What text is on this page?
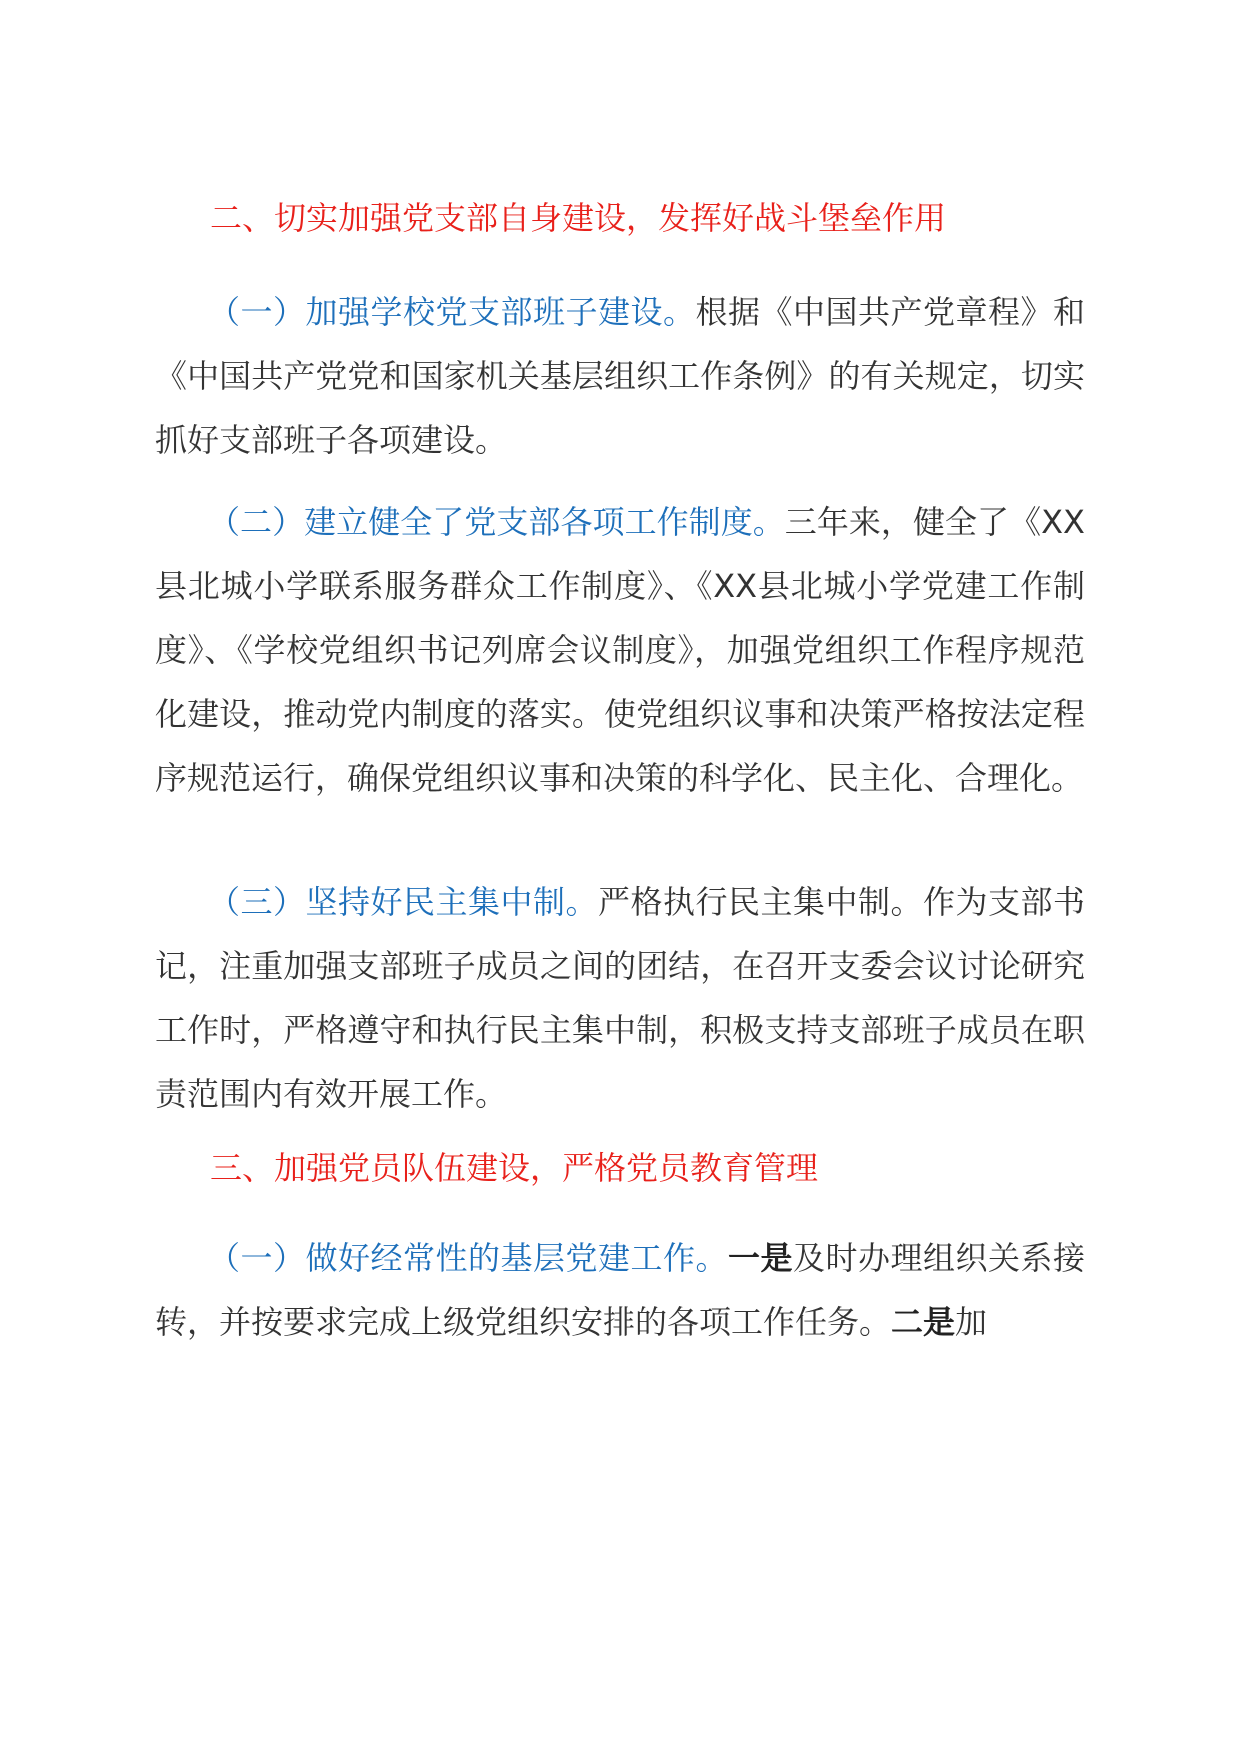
二、切实加强党支部自身建设，发挥好战斗堡垒作用

（一）加强学校党支部班子建设。根据《中国共产党章程》和《中国共产党党和国家机关基层组织工作条例》的有关规定，切实抓好支部班子各项建设。

（二）建立健全了党支部各项工作制度。三年来，健全了《XX县北城小学联系服务群众工作制度》、《XX县北城小学党建工作制度》、《学校党组织书记列席会议制度》，加强党组织工作程序规范化建设，推动党内制度的落实。使党组织议事和决策严格按法定程序规范运行，确保党组织议事和决策的科学化、民主化、合理化。

（三）坚持好民主集中制。严格执行民主集中制。作为支部书记，注重加强支部班子成员之间的团结，在召开支委会议讨论研究工作时，严格遵守和执行民主集中制，积极支持支部班子成员在职责范围内有效开展工作。

三、加强党员队伍建设，严格党员教育管理

（一）做好经常性的基层党建工作。一是及时办理组织关系接转，并按要求完成上级党组织安排的各项工作任务。二是加
